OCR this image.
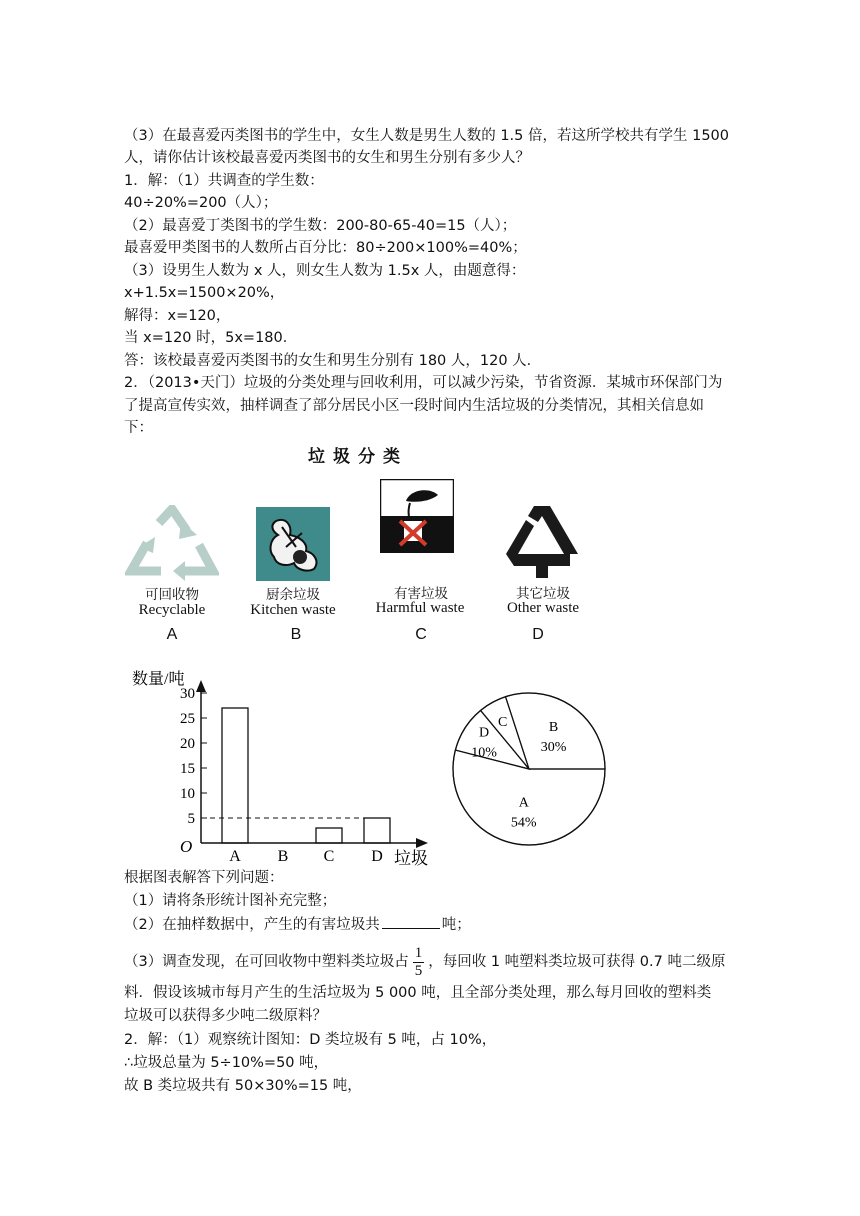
（3）在最喜爱丙类图书的学生中，女生人数是男生人数的 1.5 倍，若这所学校共有学生 1500
人，请你估计该校最喜爱丙类图书的女生和男生分别有多少人？
1．解：（1）共调查的学生数：
40÷20%=200（人）；
（2）最喜爱丁类图书的学生数：200-80-65-40=15（人）；
最喜爱甲类图书的人数所占百分比：80÷200×100%=40%；
（3）设男生人数为 x 人，则女生人数为 1.5x 人，由题意得：
x+1.5x=1500×20%，
解得：x=120，
当 x=120 时，5x=180．
答：该校最喜爱丙类图书的女生和男生分别有 180 人，120 人．
2．（2013•天门）垃圾的分类处理与回收利用，可以减少污染，节省资源．某城市环保部门为
了提高宣传实效，抽样调查了部分居民小区一段时间内生活垃圾的分类情况，其相关信息如
下：
垃圾分类
可回收物
Recyclable
A
厨余垃圾
Kitchen waste
B
有害垃圾
Harmful waste
C
其它垃圾
Other waste
D
数量/吨
O
垃圾
5
10
15
20
25
30
A B C D
A
54%
D
10%
C	B
30%
根据图表解答下列问题：
（1）请将条形统计图补充完整；
（2）在抽样数据中，产生的有害垃圾共	吨；
（3）调查发现，在可回收物中塑料类垃圾占 $\frac{1}{5}$ ，每回收 1 吨塑料类垃圾可获得 0.7 吨二级原
料．假设该城市每月产生的生活垃圾为 5 000 吨，且全部分类处理，那么每月回收的塑料类
垃圾可以获得多少吨二级原料？
2．解：（1）观察统计图知：D 类垃圾有 5 吨，占 10%，
∴垃圾总量为 5÷10%=50 吨，
故 B 类垃圾共有 50×30%=15 吨，
